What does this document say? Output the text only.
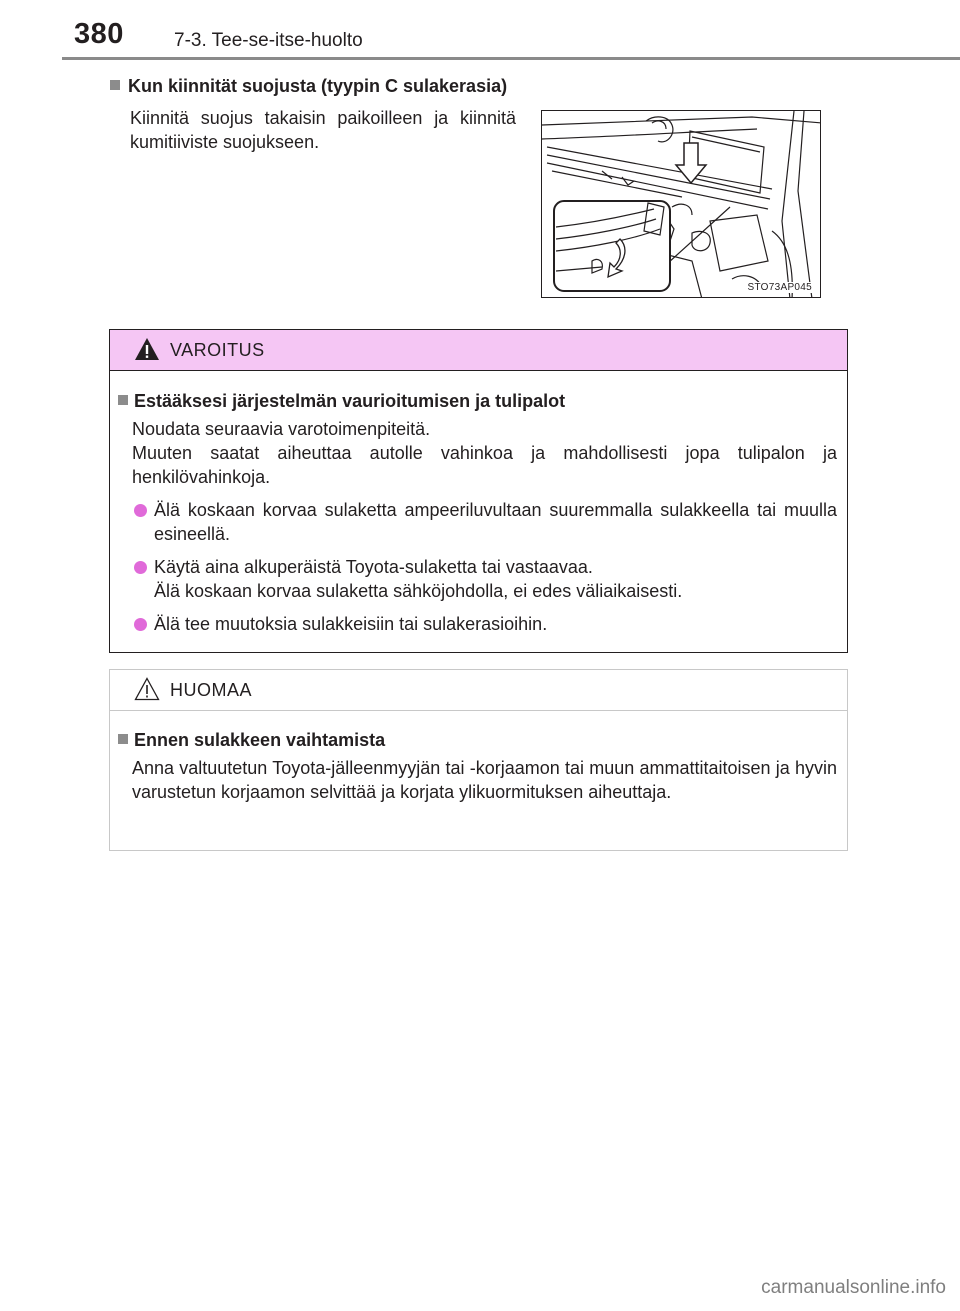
380	7-3. Tee-se-itse-huolto
Kun kiinnität suojusta (tyypin C sulakerasia)
Kiinnitä suojus takaisin paikoilleen ja kiinnitä kumitiiviste suojukseen.
STO73AP045
VAROITUS
Estääksesi järjestelmän vaurioitumisen ja tulipalot
Noudata seuraavia varotoimenpiteitä.
Muuten saatat aiheuttaa autolle vahinkoa ja mahdollisesti jopa tulipalon ja henkilövahinkoja.
Älä koskaan korvaa sulaketta ampeeriluvultaan suuremmalla sulakkeella tai muulla esineellä.
Käytä aina alkuperäistä Toyota-sulaketta tai vastaavaa.
Älä koskaan korvaa sulaketta sähköjohdolla, ei edes väliaikaisesti.
Älä tee muutoksia sulakkeisiin tai sulakerasioihin.
HUOMAA
Ennen sulakkeen vaihtamista
Anna valtuutetun Toyota-jälleenmyyjän tai -korjaamon tai muun ammattitaitoisen ja hyvin varustetun korjaamon selvittää ja korjata ylikuormituksen aiheuttaja.
carmanualsonline.info
